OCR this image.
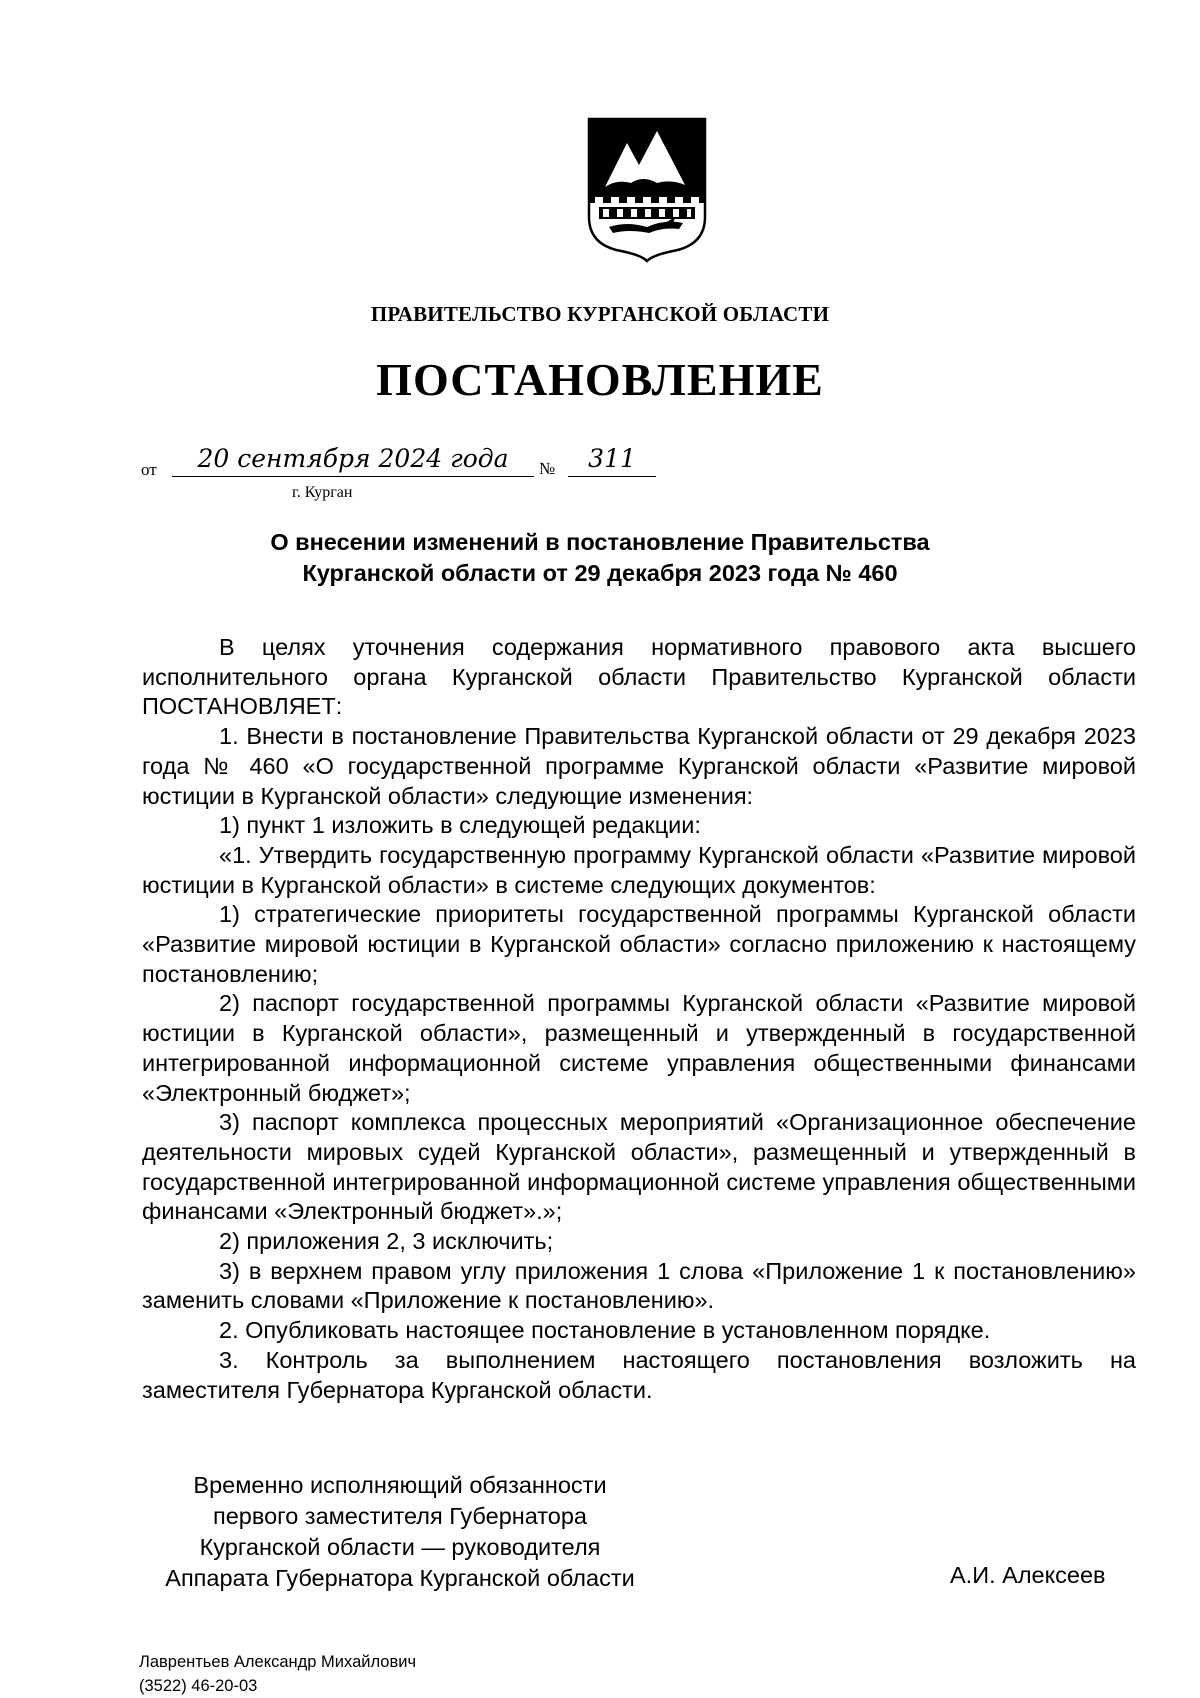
ПРАВИТЕЛЬСТВО КУРГАНСКОЙ ОБЛАСТИ
ПОСТАНОВЛЕНИЕ
от	20 сентября 2024 года	№	311
г. Курган
О внесении изменений в постановление Правительства
Курганской области от 29 декабря 2023 года № 460

В целях уточнения содержания нормативного правового акта высшего исполнительного органа Курганской области Правительство Курганской области ПОСТАНОВЛЯЕТ:

1. Внести в постановление Правительства Курганской области от 29 декабря 2023 года № 460 «О государственной программе Курганской области «Развитие мировой юстиции в Курганской области» следующие изменения:

1) пункт 1 изложить в следующей редакции:

«1. Утвердить государственную программу Курганской области «Развитие мировой юстиции в Курганской области» в системе следующих документов:

1) стратегические приоритеты государственной программы Курганской области «Развитие мировой юстиции в Курганской области» согласно приложению к настоящему постановлению;

2) паспорт государственной программы Курганской области «Развитие мировой юстиции в Курганской области», размещенный и утвержденный в государственной интегрированной информационной системе управления общественными финансами «Электронный бюджет»;

3) паспорт комплекса процессных мероприятий «Организационное обеспечение деятельности мировых судей Курганской области», размещенный и утвержденный в государственной интегрированной информационной системе управления общественными финансами «Электронный бюджет».»;

2) приложения 2, 3 исключить;

3) в верхнем правом углу приложения 1 слова «Приложение 1 к постановлению» заменить словами «Приложение к постановлению».

2. Опубликовать настоящее постановление в установленном порядке.

3. Контроль за выполнением настоящего постановления возложить на заместителя Губернатора Курганской области.

Временно исполняющий обязанности
первого заместителя Губернатора
Курганской области — руководителя
Аппарата Губернатора Курганской области	А.И. Алексеев
Лаврентьев Александр Михайлович
(3522) 46-20-03
